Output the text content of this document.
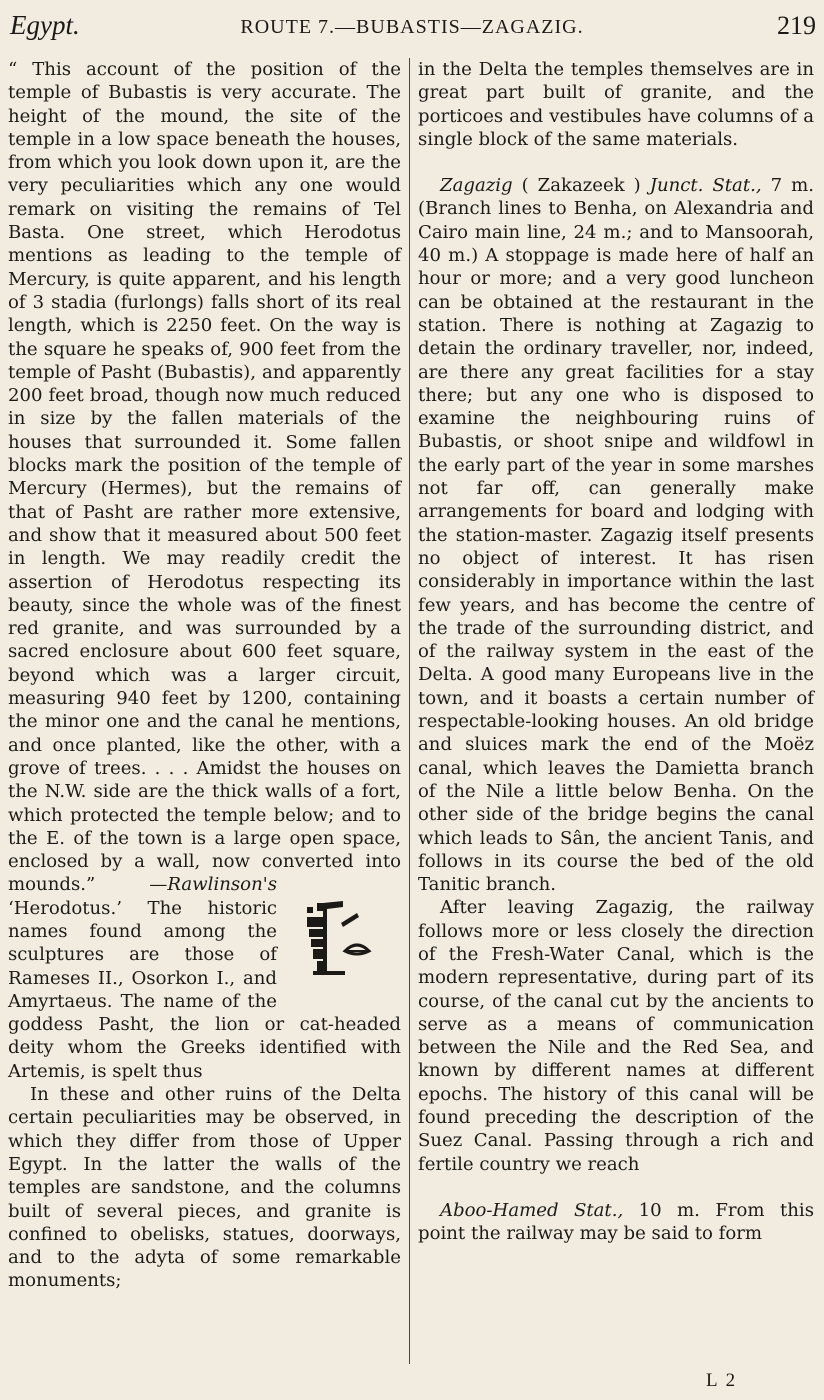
Egypt.	ROUTE 7.—BUBASTIS—ZAGAZIG.	219

“ This account of the position of the temple of Bubastis is very accurate. The height of the mound, the site of the temple in a low space beneath the houses, from which you look down upon it, are the very peculiarities which any one would remark on visiting the remains of Tel Basta. One street, which Herodotus mentions as leading to the temple of Mercury, is quite apparent, and his length of 3 stadia (furlongs) falls short of its real length, which is 2250 feet. On the way is the square he speaks of, 900 feet from the temple of Pasht (Bubastis), and apparently 200 feet broad, though now much reduced in size by the fallen materials of the houses that surrounded it. Some fallen blocks mark the position of the temple of Mercury (Hermes), but the remains of that of Pasht are rather more extensive, and show that it measured about 500 feet in length. We may readily credit the assertion of Herodotus respecting its beauty, since the whole was of the finest red granite, and was surrounded by a sacred enclosure about 600 feet square, beyond which was a larger circuit, measuring 940 feet by 1200, containing the minor one and the canal he mentions, and once planted, like the other, with a grove of trees. . . . Amidst the houses on the N.W. side are the thick walls of a fort, which protected the temple below; and to the E. of the town is a large open space, enclosed by a wall, now converted into mounds.” —Rawlinson's
‘Herodotus.’ The historic names found among the sculptures are those of Rameses II., Osorkon I., and Amyrtaeus. The name of the goddess Pasht, the lion or cat-headed deity whom the Greeks identified with Artemis, is spelt thus

In these and other ruins of the Delta certain peculiarities may be observed, in which they differ from those of Upper Egypt. In the latter the walls of the temples are sandstone, and the columns built of several pieces, and granite is confined to obelisks, statues, doorways, and to the adyta of some remarkable monuments;

in the Delta the temples themselves are in great part built of granite, and the porticoes and vestibules have columns of a single block of the same materials.

Zagazig ( Zakazeek ) Junct. Stat., 7 m. (Branch lines to Benha, on Alexandria and Cairo main line, 24 m.; and to Mansoorah, 40 m.) A stoppage is made here of half an hour or more; and a very good luncheon can be obtained at the restaurant in the station. There is nothing at Zagazig to detain the ordinary traveller, nor, indeed, are there any great facilities for a stay there; but any one who is disposed to examine the neighbouring ruins of Bubastis, or shoot snipe and wildfowl in the early part of the year in some marshes not far off, can generally make arrangements for board and lodging with the station-master. Zagazig itself presents no object of interest. It has risen considerably in importance within the last few years, and has become the centre of the trade of the surrounding district, and of the railway system in the east of the Delta. A good many Europeans live in the town, and it boasts a certain number of respectable-looking houses. An old bridge and sluices mark the end of the Moëz canal, which leaves the Damietta branch of the Nile a little below Benha. On the other side of the bridge begins the canal which leads to Sân, the ancient Tanis, and follows in its course the bed of the old Tanitic branch.

After leaving Zagazig, the railway follows more or less closely the direction of the Fresh-Water Canal, which is the modern representative, during part of its course, of the canal cut by the ancients to serve as a means of communication between the Nile and the Red Sea, and known by different names at different epochs. The history of this canal will be found preceding the description of the Suez Canal. Passing through a rich and fertile country we reach

Aboo-Hamed Stat., 10 m. From this point the railway may be said to form

L 2
